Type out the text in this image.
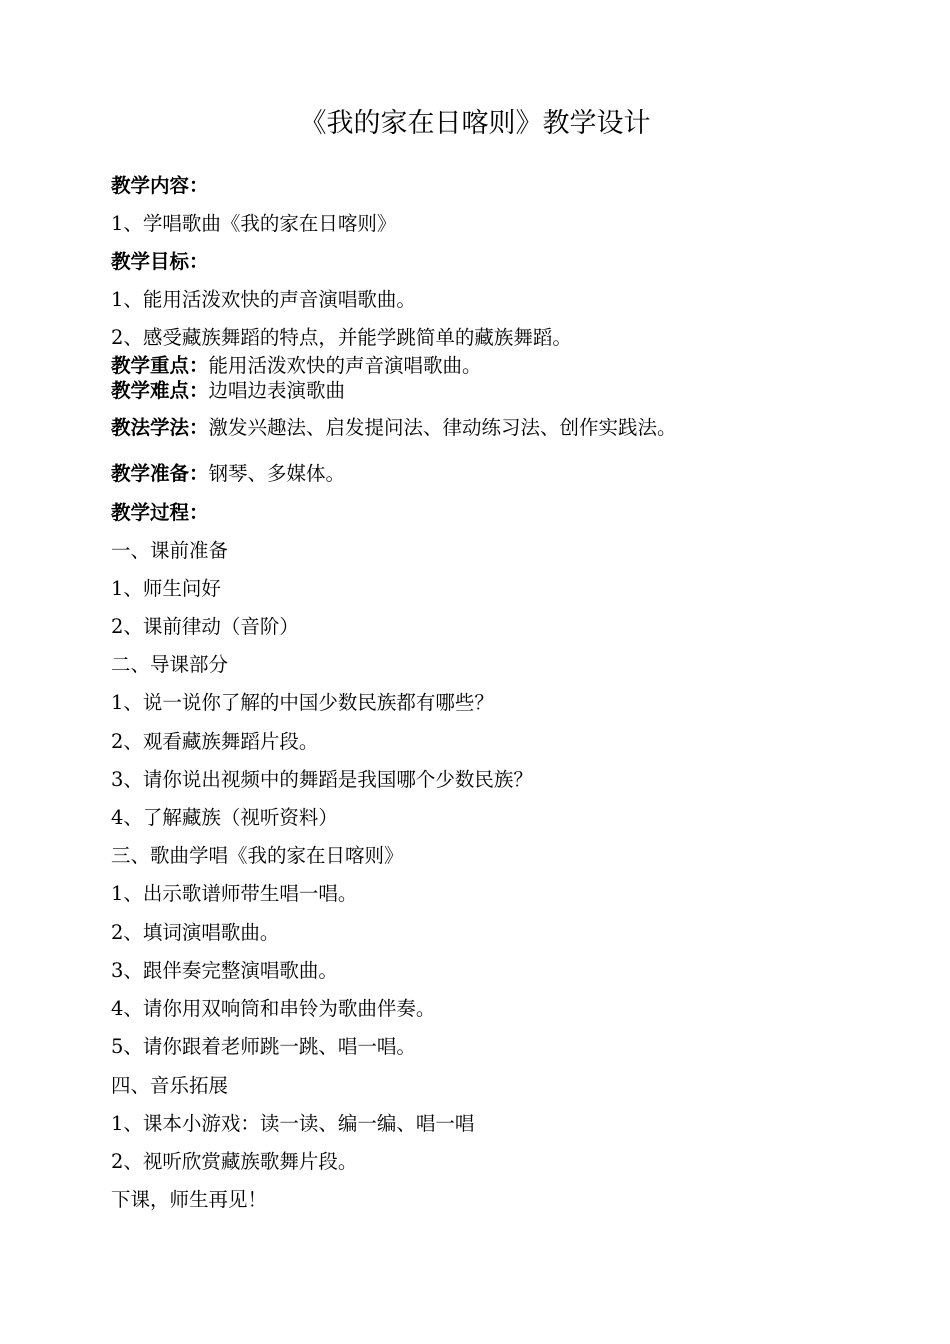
《我的家在日喀则》教学设计
教学内容：
1、学唱歌曲《我的家在日喀则》
教学目标：
1、能用活泼欢快的声音演唱歌曲。
2、感受藏族舞蹈的特点，并能学跳简单的藏族舞蹈。
教学重点：能用活泼欢快的声音演唱歌曲。
教学难点：边唱边表演歌曲
教法学法：激发兴趣法、启发提问法、律动练习法、创作实践法。
教学准备：钢琴、多媒体。
教学过程：
一、课前准备
1、师生问好
2、课前律动（音阶）
二、导课部分
1、说一说你了解的中国少数民族都有哪些？
2、观看藏族舞蹈片段。
3、请你说出视频中的舞蹈是我国哪个少数民族？
4、了解藏族（视听资料）
三、歌曲学唱《我的家在日喀则》
1、出示歌谱师带生唱一唱。
2、填词演唱歌曲。
3、跟伴奏完整演唱歌曲。
4、请你用双响筒和串铃为歌曲伴奏。
5、请你跟着老师跳一跳、唱一唱。
四、音乐拓展
1、课本小游戏：读一读、编一编、唱一唱
2、视听欣赏藏族歌舞片段。
下课，师生再见！
